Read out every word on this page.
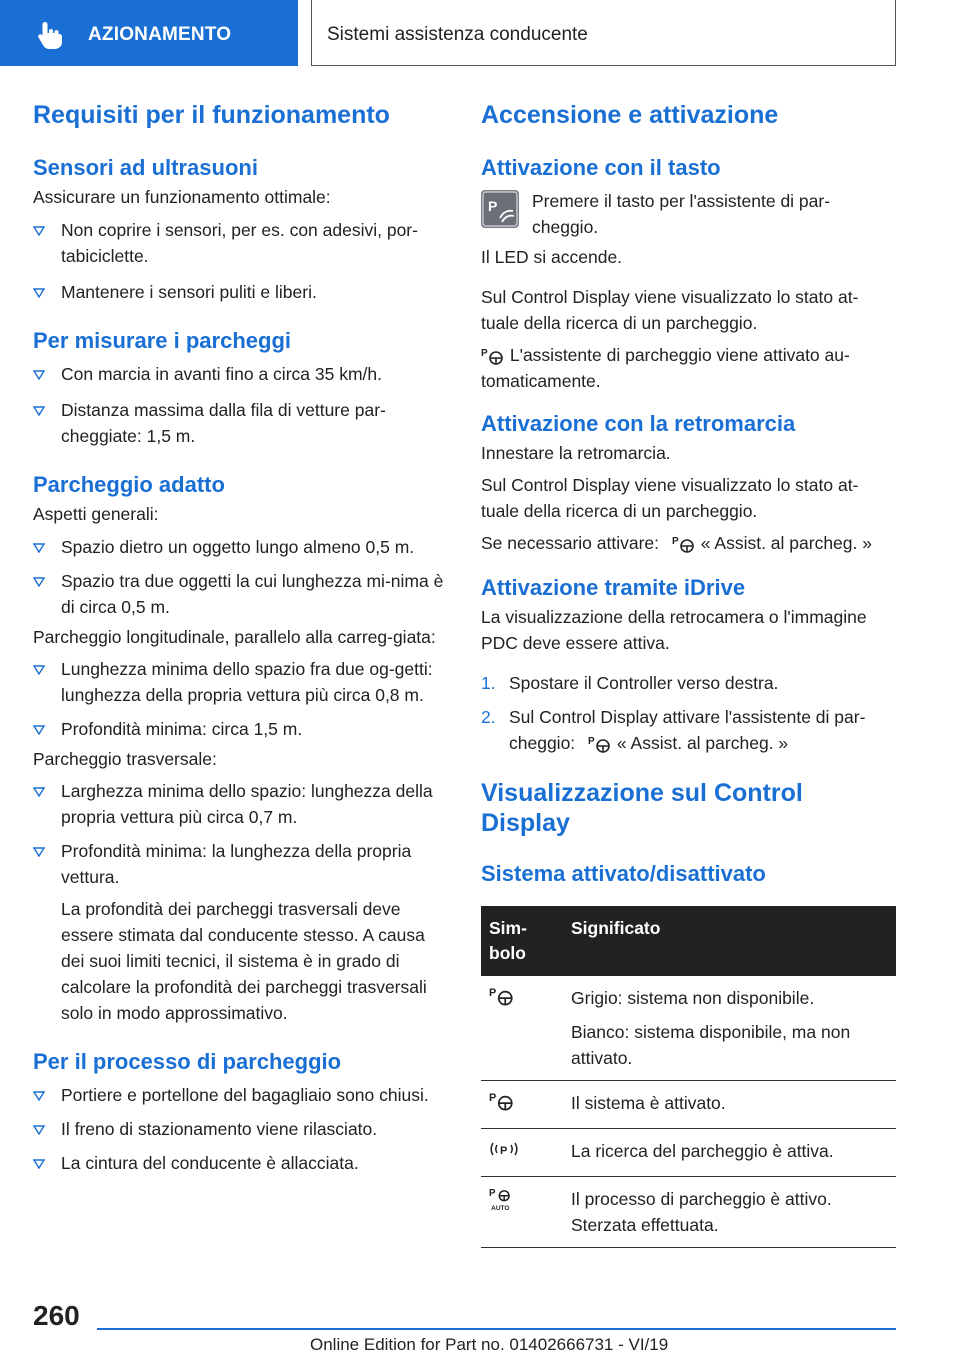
AZIONAMENTO	Sistemi assistenza conducente
Requisiti per il funzionamento
Sensori ad ultrasuoni

Assicurare un funzionamento ottimale:

Non coprire i sensori, per es. con adesivi, por-tabiciclette.
Mantenere i sensori puliti e liberi.
Per misurare i parcheggi
Con marcia in avanti fino a circa 35 km/h.
Distanza massima dalla fila di vetture par-cheggiate: 1,5 m.
Parcheggio adatto

Aspetti generali:

Spazio dietro un oggetto lungo almeno 0,5 m.
Spazio tra due oggetti la cui lunghezza mi-nima è di circa 0,5 m.

Parcheggio longitudinale, parallelo alla carreg-giata:

Lunghezza minima dello spazio fra due og-getti: lunghezza della propria vettura più circa 0,8 m.
Profondità minima: circa 1,5 m.

Parcheggio trasversale:

Larghezza minima dello spazio: lunghezza della propria vettura più circa 0,7 m.
Profondità minima: la lunghezza della propria vettura.

La profondità dei parcheggi trasversali deve essere stimata dal conducente stesso. A causa dei suoi limiti tecnici, il sistema è in grado di calcolare la profondità dei parcheggi trasversali solo in modo approssimativo.

Per il processo di parcheggio
Portiere e portellone del bagagliaio sono chiusi.
Il freno di stazionamento viene rilasciato.
La cintura del conducente è allacciata.
Accensione e attivazione
Attivazione con il tasto
P	Premere il tasto per l'assistente di par-cheggio.

Il LED si accende.

Sul Control Display viene visualizzato lo stato at-tuale della ricerca di un parcheggio.

P L'assistente di parcheggio viene attivato au-tomaticamente.

Attivazione con la retromarcia

Innestare la retromarcia.

Sul Control Display viene visualizzato lo stato at-tuale della ricerca di un parcheggio.

Se necessario attivare: P « Assist. al parcheg. »

Attivazione tramite iDrive

La visualizzazione della retrocamera o l'immagine PDC deve essere attiva.

1. Spostare il Controller verso destra.
2. Sul Control Display attivare l'assistente di par-cheggio: P « Assist. al parcheg. »
Visualizzazione sul Control Display
Sistema attivato/disattivato
Sim-bolo	Significato

P	Grigio: sistema non disponibile.

Bianco: sistema disponibile, ma non attivato.

P	Il sistema è attivato.

P	La ricerca del parcheggio è attiva.

P
AUTO	Il processo di parcheggio è attivo. Sterzata effettuata.

260
Online Edition for Part no. 01402666731 - VI/19
